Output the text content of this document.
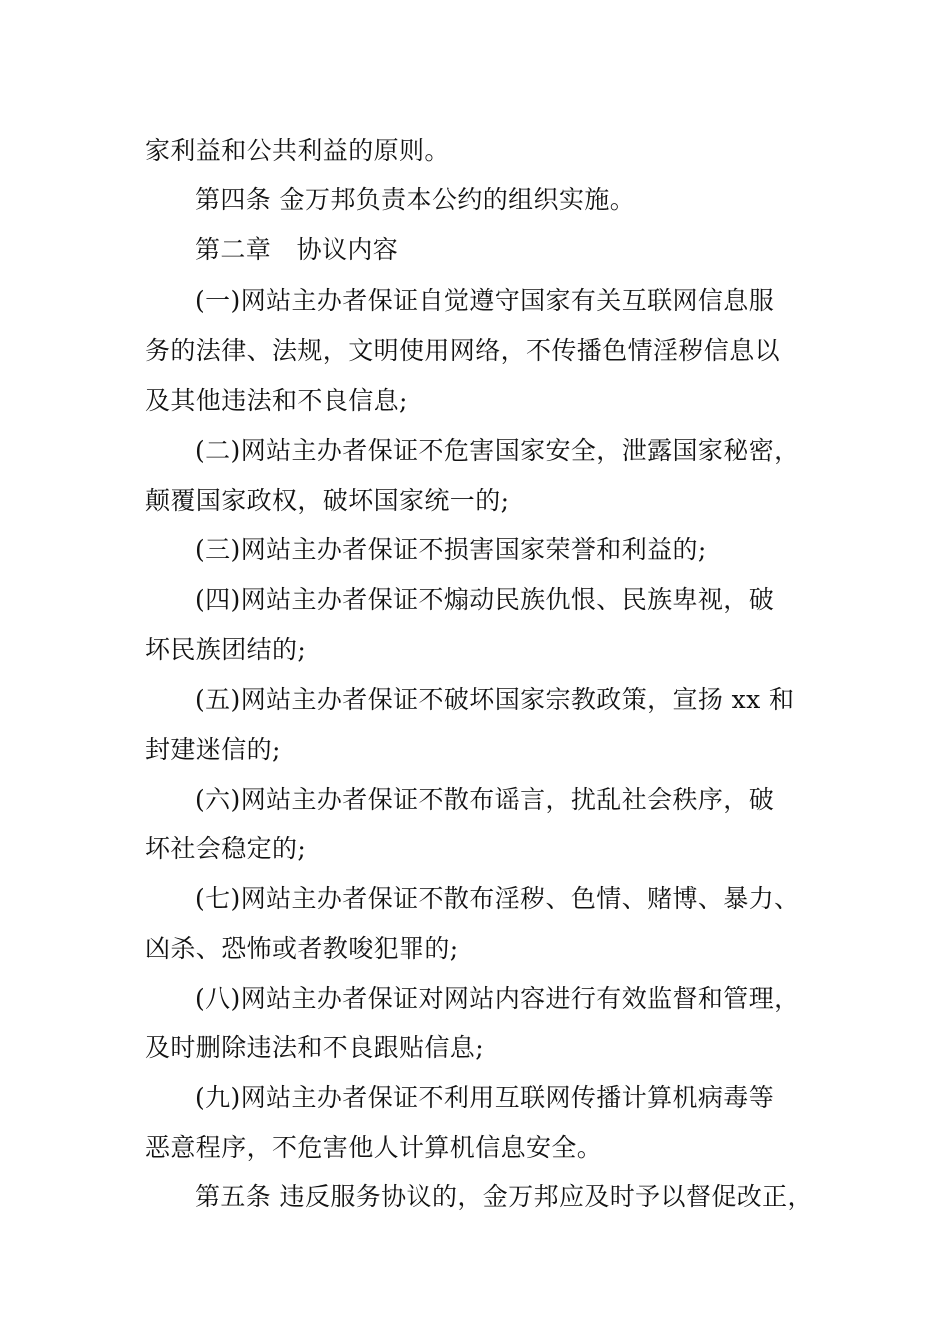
家利益和公共利益的原则。
第四条 金万邦负责本公约的组织实施。
第二章　协议内容
(一)网站主办者保证自觉遵守国家有关互联网信息服
务的法律、法规，文明使用网络，不传播色情淫秽信息以
及其他违法和不良信息;
(二)网站主办者保证不危害国家安全，泄露国家秘密，
颠覆国家政权，破坏国家统一的;
(三)网站主办者保证不损害国家荣誉和利益的;
(四)网站主办者保证不煽动民族仇恨、民族卑视，破
坏民族团结的;
(五)网站主办者保证不破坏国家宗教政策，宣扬 xx 和
封建迷信的;
(六)网站主办者保证不散布谣言，扰乱社会秩序，破
坏社会稳定的;
(七)网站主办者保证不散布淫秽、色情、赌博、暴力、
凶杀、恐怖或者教唆犯罪的;
(八)网站主办者保证对网站内容进行有效监督和管理，
及时删除违法和不良跟贴信息;
(九)网站主办者保证不利用互联网传播计算机病毒等
恶意程序，不危害他人计算机信息安全。
第五条 违反服务协议的，金万邦应及时予以督促改正，
